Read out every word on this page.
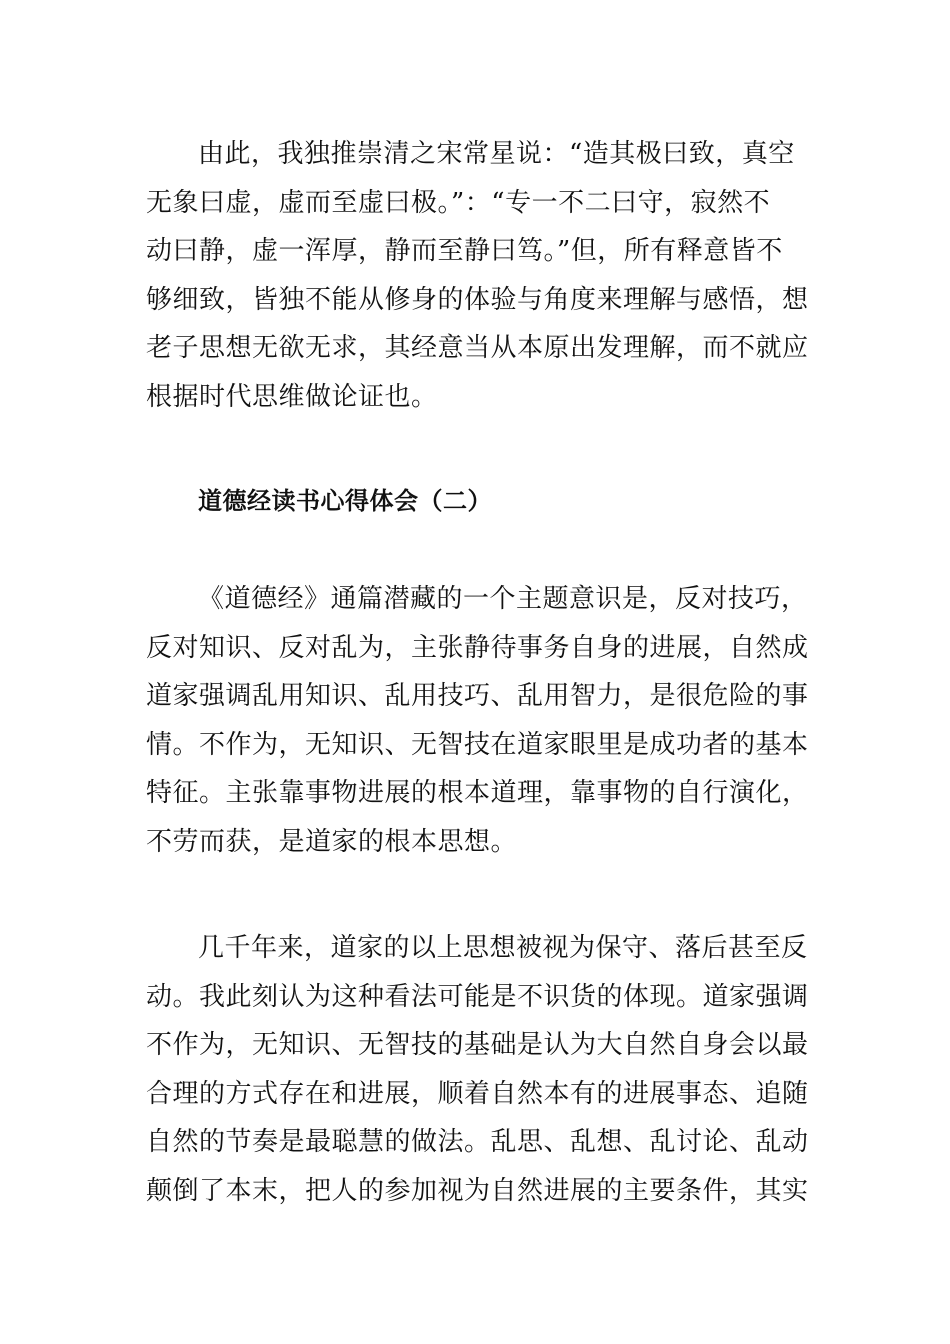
由此，我独推崇清之宋常星说：“造其极曰致，真空

无象曰虚，虚而至虚曰极。”：“专一不二曰守，寂然不

动曰静，虚一浑厚，静而至静曰笃。”但，所有释意皆不

够细致，皆独不能从修身的体验与角度来理解与感悟，想

老子思想无欲无求，其经意当从本原出发理解，而不就应

根据时代思维做论证也。

道德经读书心得体会（二）

《道德经》通篇潜藏的一个主题意识是，反对技巧，

反对知识、反对乱为，主张静待事务自身的进展，自然成

道家强调乱用知识、乱用技巧、乱用智力，是很危险的事

情。不作为，无知识、无智技在道家眼里是成功者的基本

特征。主张靠事物进展的根本道理，靠事物的自行演化，

不劳而获，是道家的根本思想。

几千年来，道家的以上思想被视为保守、落后甚至反

动。我此刻认为这种看法可能是不识货的体现。道家强调

不作为，无知识、无智技的基础是认为大自然自身会以最

合理的方式存在和进展，顺着自然本有的进展事态、追随

自然的节奏是最聪慧的做法。乱思、乱想、乱讨论、乱动

颠倒了本末，把人的参加视为自然进展的主要条件，其实
